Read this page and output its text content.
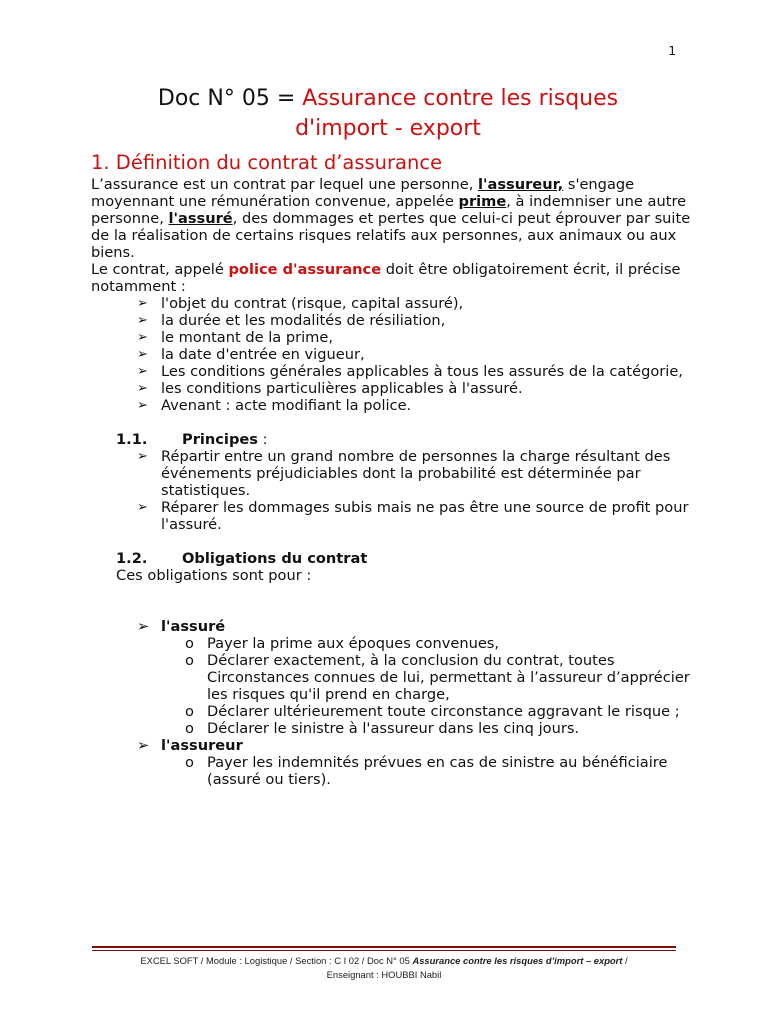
1
Doc N° 05 = Assurance contre les risques
d'import - export
1. Définition du contrat d’assurance

L’assurance est un contrat par lequel une personne, l'assureur, s'engage moyennant une rémunération convenue, appelée prime, à indemniser une autre personne, l'assuré, des dommages et pertes que celui-ci peut éprouver par suite de la réalisation de certains risques relatifs aux personnes, aux animaux ou aux biens.

Le contrat, appelé police d'assurance doit être obligatoirement écrit, il précise notamment :

➢ l'objet du contrat (risque, capital assuré),
➢ la durée et les modalités de résiliation,
➢ le montant de la prime,
➢ la date d'entrée en vigueur,
➢ Les conditions générales applicables à tous les assurés de la catégorie,
➢ les conditions particulières applicables à l'assuré.
➢ Avenant : acte modifiant la police.

1.1. Principes :

➢ Répartir entre un grand nombre de personnes la charge résultant des événements préjudiciables dont la probabilité est déterminée par statistiques.
➢ Réparer les dommages subis mais ne pas être une source de profit pour l'assuré.

1.2. Obligations du contrat

Ces obligations sont pour :

➢ l'assuré
o Payer la prime aux époques convenues,
o Déclarer exactement, à la conclusion du contrat, toutes Circonstances connues de lui, permettant à l’assureur d’apprécier les risques qu'il prend en charge,
o Déclarer ultérieurement toute circonstance aggravant le risque ;
o Déclarer le sinistre à l'assureur dans les cinq jours.
➢ l'assureur
o Payer les indemnités prévues en cas de sinistre au bénéficiaire (assuré ou tiers).
EXCEL SOFT / Module : Logistique / Section : C I 02 / Doc N° 05 Assurance contre les risques d’import – export /
Enseignant : HOUBBI Nabil
